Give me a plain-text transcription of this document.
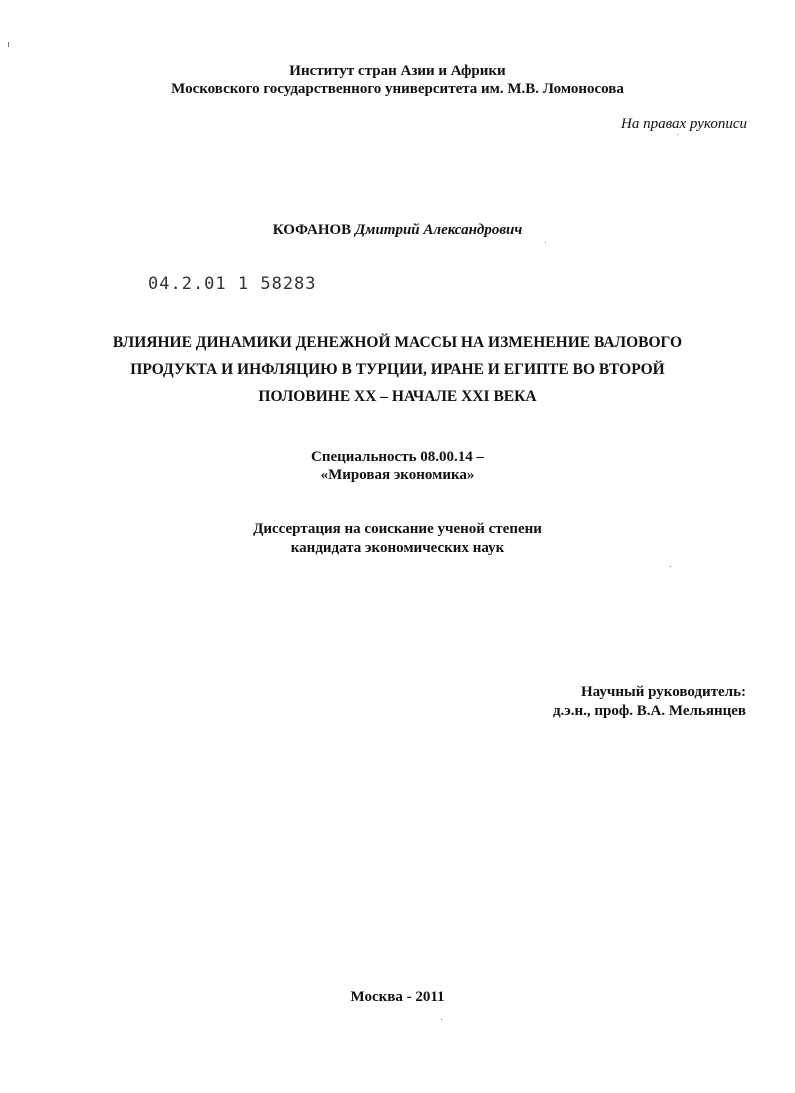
Институт стран Азии и Африки
Московского государственного университета им. М.В. Ломоносова
На правах рукописи
КОФАНОВ Дмитрий Александрович
04.2.01 1 58283
ВЛИЯНИЕ ДИНАМИКИ ДЕНЕЖНОЙ МАССЫ НА ИЗМЕНЕНИЕ ВАЛОВОГО
ПРОДУКТА И ИНФЛЯЦИЮ В ТУРЦИИ, ИРАНЕ И ЕГИПТЕ ВО ВТОРОЙ
ПОЛОВИНЕ XX – НАЧАЛЕ XXI ВЕКА
Специальность 08.00.14 –
«Мировая экономика»
Диссертация на соискание ученой степени
кандидата экономических наук
Научный руководитель:
д.э.н., проф. В.А. Мельянцев
Москва - 2011
